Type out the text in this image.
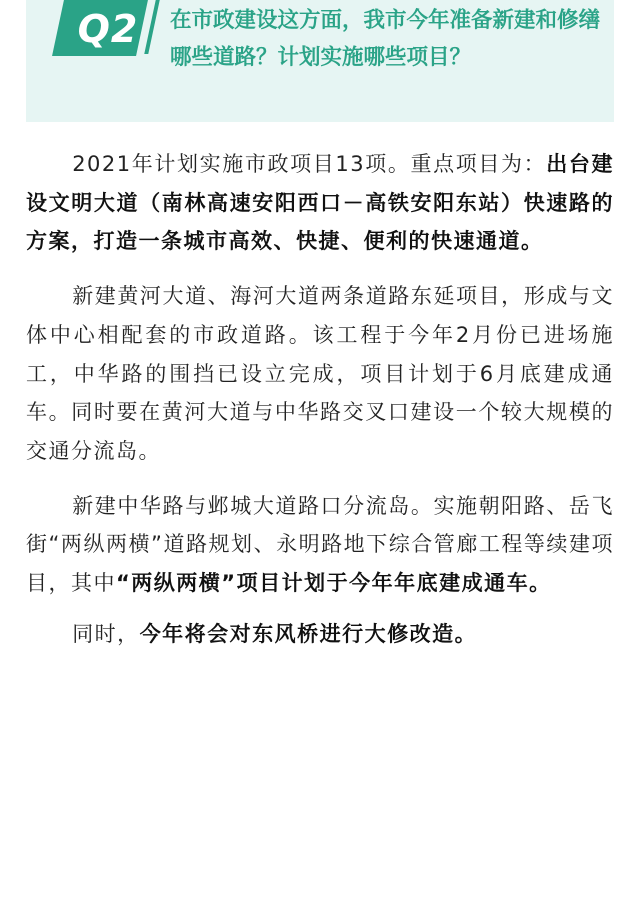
Q2	在市政建设这方面，我市今年准备新建和修缮哪些道路？计划实施哪些项目？

2021年计划实施市政项目13项。重点项目为：出台建设文明大道（南林高速安阳西口－高铁安阳东站）快速路的方案，打造一条城市高效、快捷、便利的快速通道。

新建黄河大道、海河大道两条道路东延项目，形成与文体中心相配套的市政道路。该工程于今年2月份已进场施工，中华路的围挡已设立完成，项目计划于6月底建成通车。同时要在黄河大道与中华路交叉口建设一个较大规模的交通分流岛。

新建中华路与邺城大道路口分流岛。实施朝阳路、岳飞街“两纵两横”道路规划、永明路地下综合管廊工程等续建项目，其中“两纵两横”项目计划于今年年底建成通车。

同时，今年将会对东风桥进行大修改造。
